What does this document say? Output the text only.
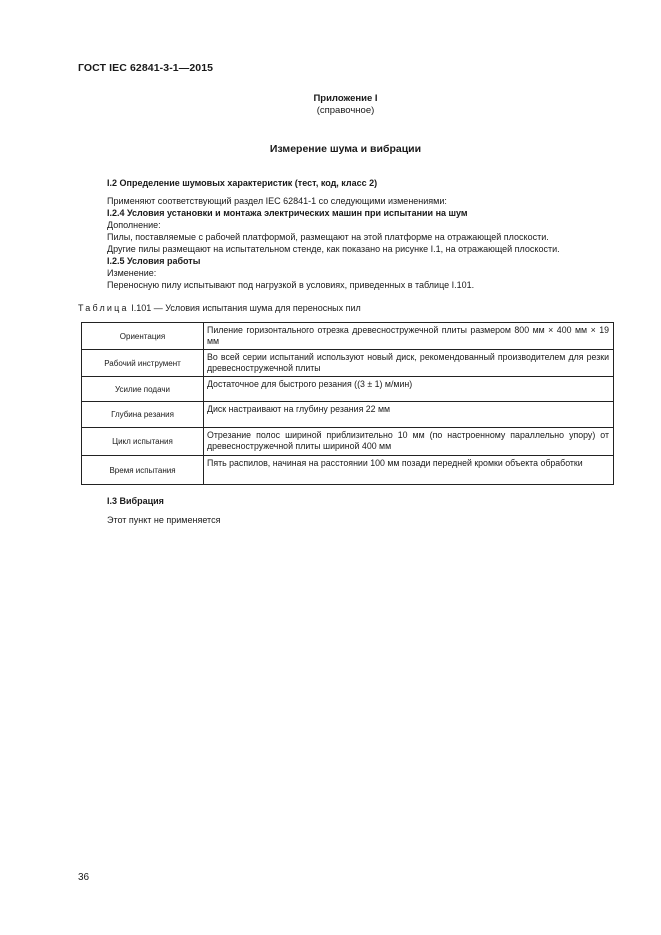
ГОСТ IEC 62841-3-1—2015
Приложение I
(справочное)
Измерение шума и вибрации
I.2 Определение шумовых характеристик (тест, код, класс 2)
Применяют соответствующий раздел IEC 62841-1 со следующими изменениями:
I.2.4 Условия установки и монтажа электрических машин при испытании на шум
Дополнение:
Пилы, поставляемые с рабочей платформой, размещают на этой платформе на отражающей плоскости.
Другие пилы размещают на испытательном стенде, как показано на рисунке I.1, на отражающей плоскости.
I.2.5 Условия работы
Изменение:
Переносную пилу испытывают под нагрузкой в условиях, приведенных в таблице I.101.
Таблица I.101 — Условия испытания шума для переносных пил
Ориентация	Пиление горизонтального отрезка древесностружечной плиты размером 800 мм × 400 мм × 19 мм
Рабочий инструмент	Во всей серии испытаний используют новый диск, рекомендованный производителем для резки древесностружечной плиты
Усилие подачи	Достаточное для быстрого резания ((3 ± 1) м/мин)
Глубина резания	Диск настраивают на глубину резания 22 мм
Цикл испытания	Отрезание полос шириной приблизительно 10 мм (по настроенному параллельно упору) от древесностружечной плиты шириной 400 мм
Время испытания	Пять распилов, начиная на расстоянии 100 мм позади передней кромки объекта обработки
I.3 Вибрация
Этот пункт не применяется
36
